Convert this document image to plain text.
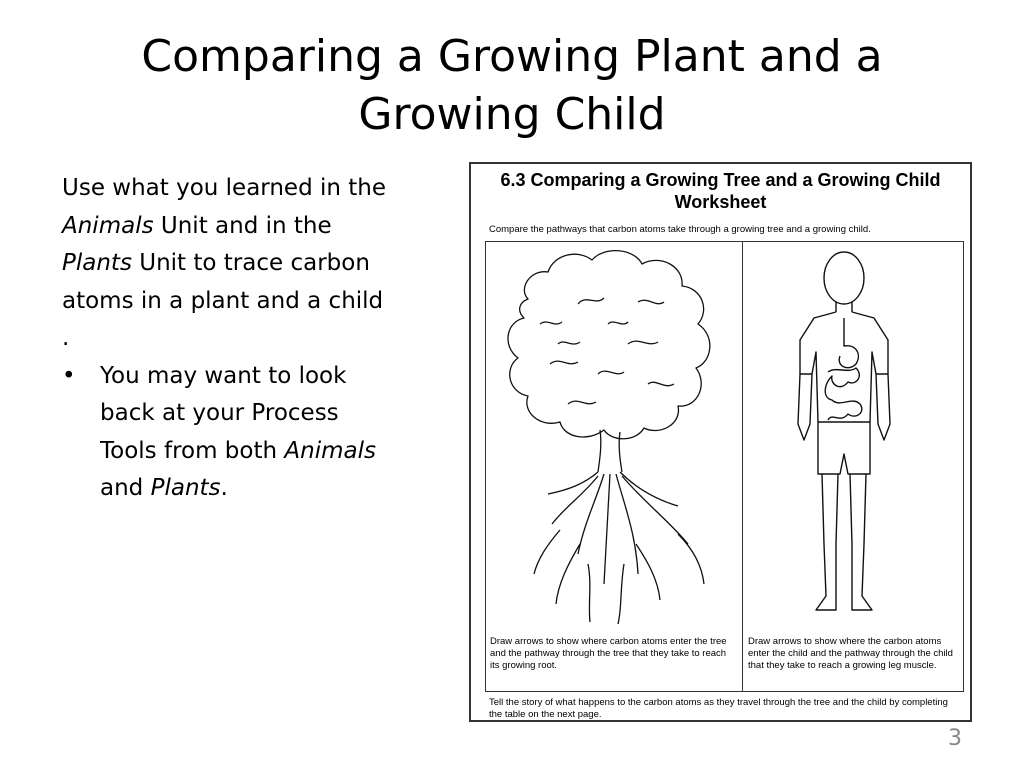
Comparing a Growing Plant and a Growing Child

Use what you learned in the Animals Unit and in the Plants Unit to trace carbon atoms in a plant and a child .

•	You may want to look back at your Process Tools from both Animals and Plants.
6.3 Comparing a Growing Tree and a Growing Child Worksheet
Compare the pathways that carbon atoms take through a growing tree and a growing child.
Draw arrows to show where carbon atoms enter the tree and the pathway through the tree that they take to reach its growing root.
Draw arrows to show where the carbon atoms enter the child and the pathway through the child that they take to reach a growing leg muscle.
Tell the story of what happens to the carbon atoms as they travel through the tree and the child by completing the table on the next page.
3
